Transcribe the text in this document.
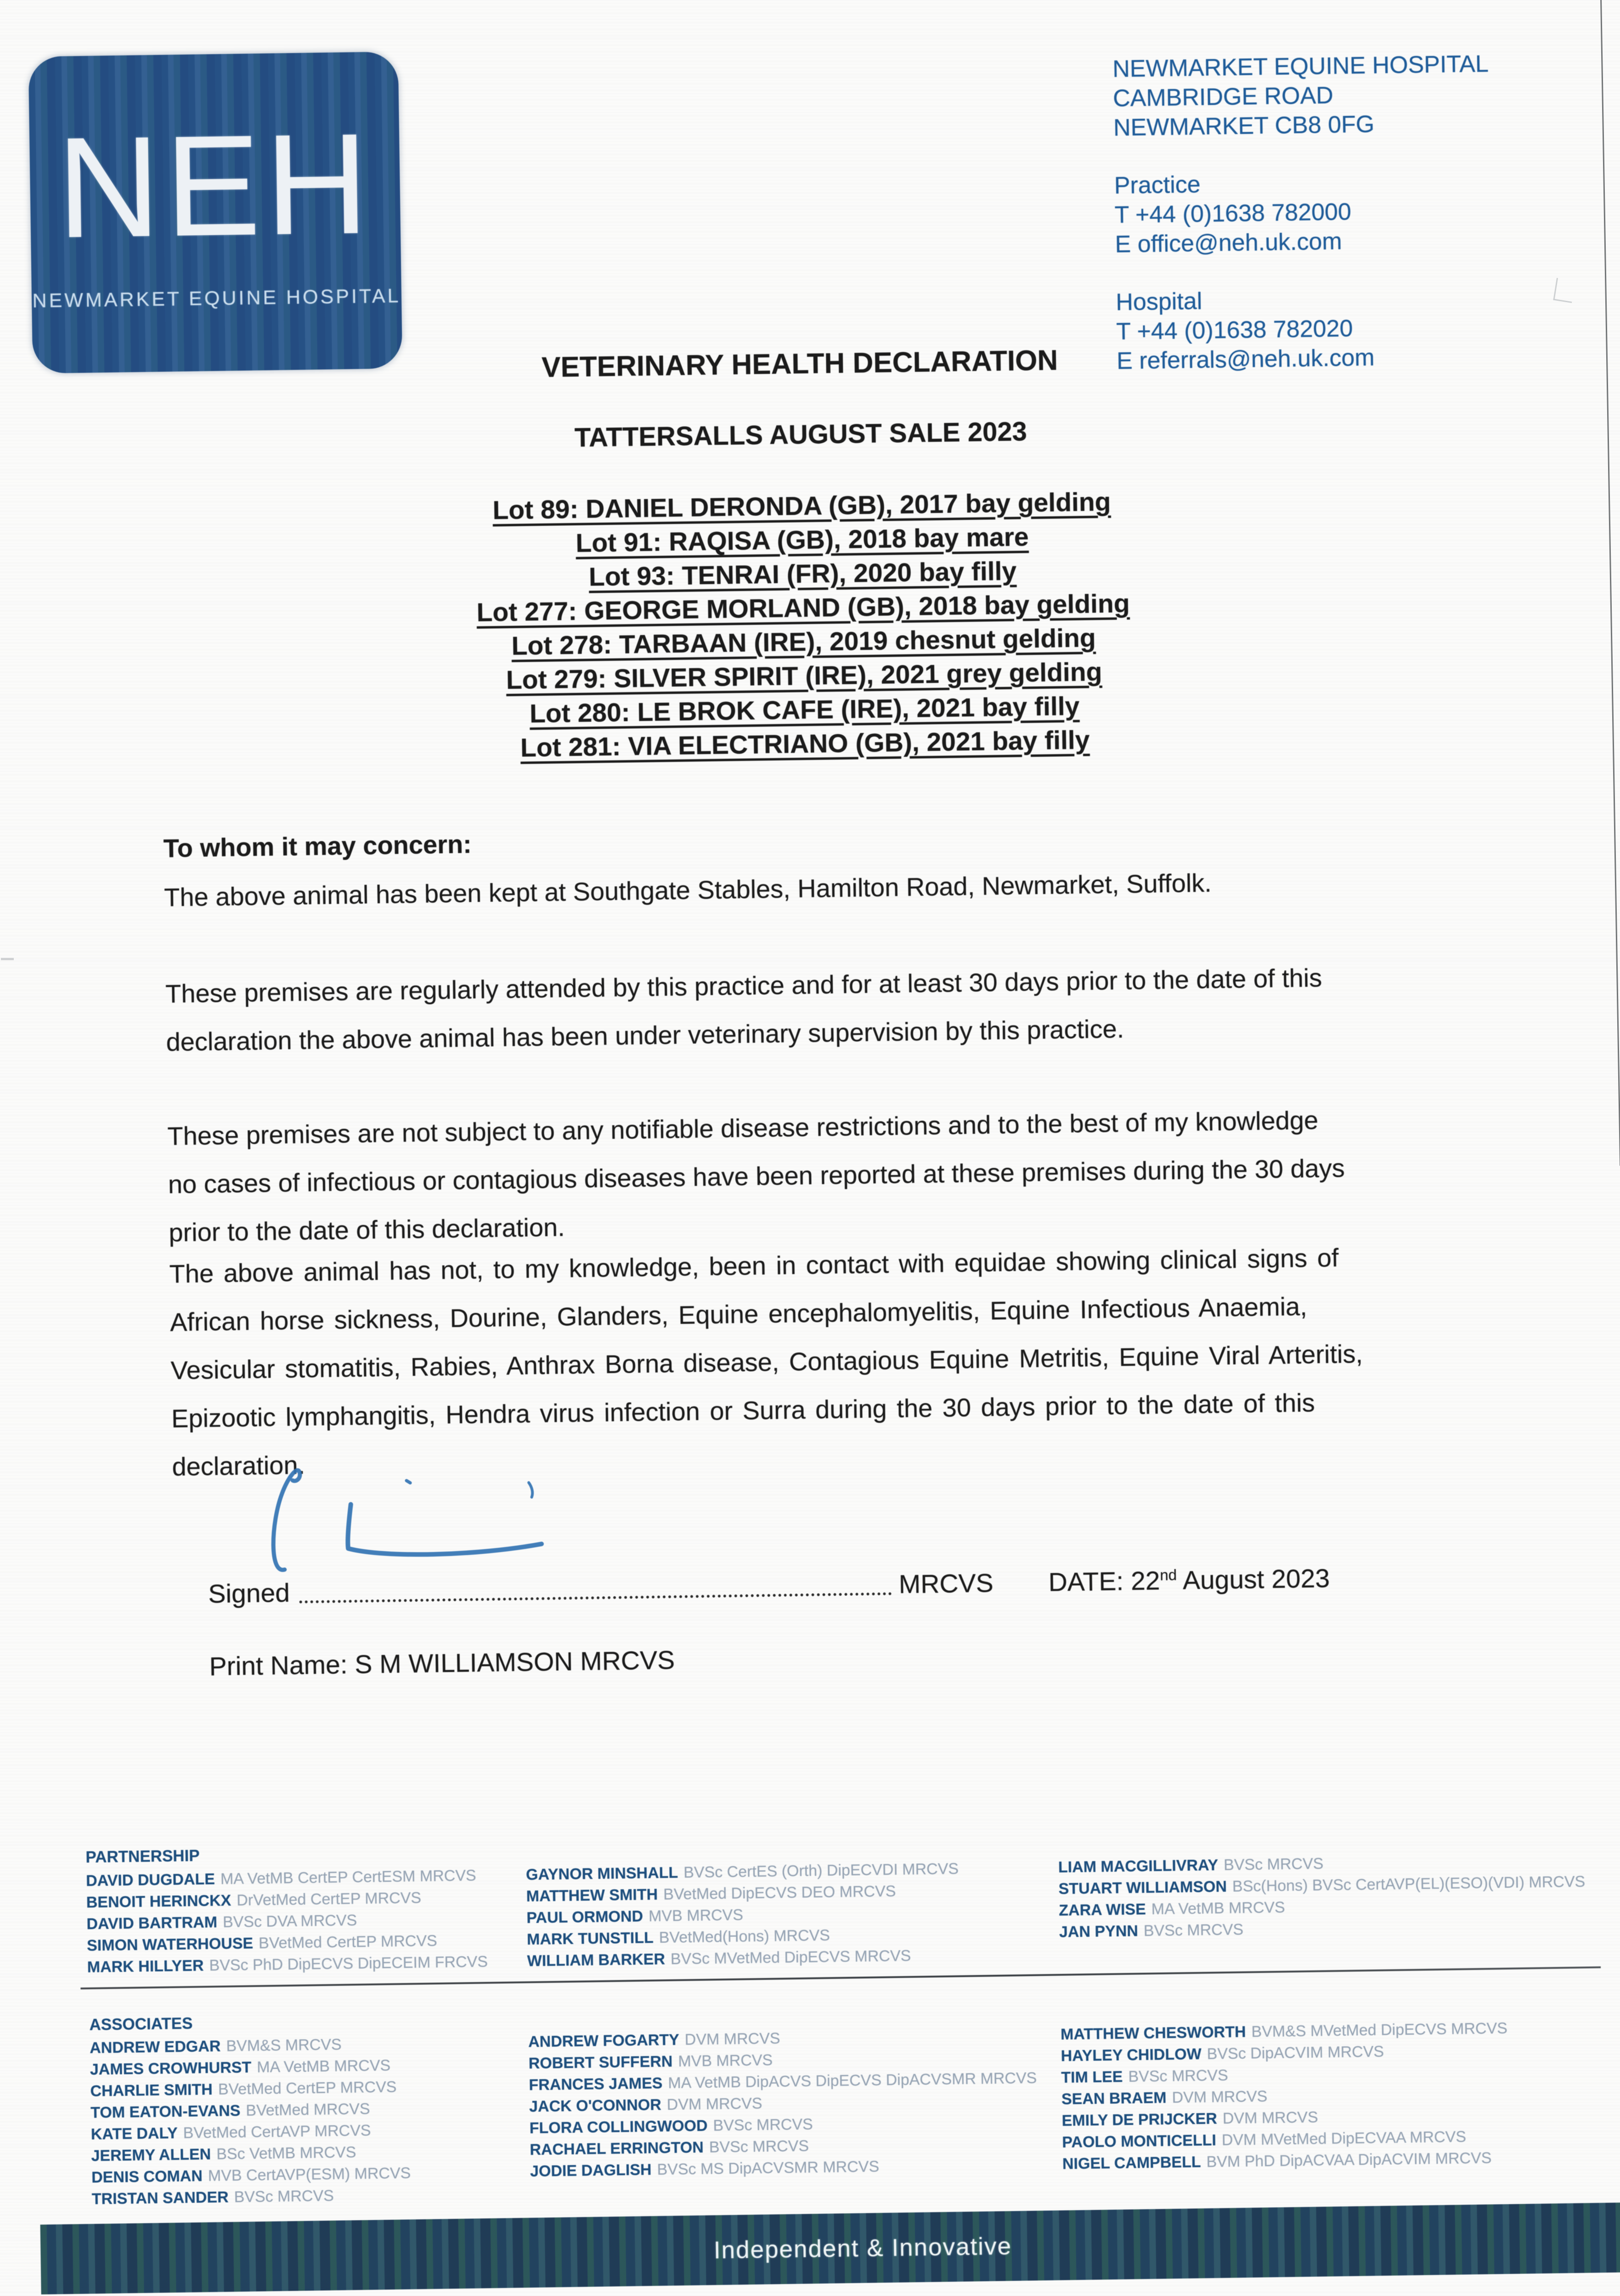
NEH
NEWMARKET EQUINE HOSPITAL
NEWMARKET EQUINE HOSPITAL
CAMBRIDGE ROAD
NEWMARKET CB8 0FG
Practice
T +44 (0)1638 782000
E office@neh.uk.com
Hospital
T +44 (0)1638 782020
E referrals@neh.uk.com
VETERINARY HEALTH DECLARATION
TATTERSALLS AUGUST SALE 2023
Lot 89: DANIEL DERONDA (GB), 2017 bay gelding
Lot 91: RAQISA (GB), 2018 bay mare
Lot 93: TENRAI (FR), 2020 bay filly
Lot 277: GEORGE MORLAND (GB), 2018 bay gelding
Lot 278: TARBAAN (IRE), 2019 chesnut gelding
Lot 279: SILVER SPIRIT (IRE), 2021 grey gelding
Lot 280: LE BROK CAFE (IRE), 2021 bay filly
Lot 281: VIA ELECTRIANO (GB), 2021 bay filly
To whom it may concern:
The above animal has been kept at Southgate Stables, Hamilton Road, Newmarket, Suffolk.
These premises are regularly attended by this practice and for at least 30 days prior to the date of this
declaration the above animal has been under veterinary supervision by this practice.
These premises are not subject to any notifiable disease restrictions and to the best of my knowledge
no cases of infectious or contagious diseases have been reported at these premises during the 30 days
prior to the date of this declaration.
The above animal has not, to my knowledge, been in contact with equidae showing clinical signs of
African horse sickness, Dourine, Glanders, Equine encephalomyelitis, Equine Infectious Anaemia,
Vesicular stomatitis, Rabies, Anthrax Borna disease, Contagious Equine Metritis, Equine Viral Arteritis,
Epizootic lymphangitis, Hendra virus infection or Surra during the 30 days prior to the date of this
declaration.
Signed	MRCVS DATE: 22nd August 2023
Print Name: S M WILLIAMSON MRCVS
PARTNERSHIP
DAVID DUGDALE MA VetMB CertEP CertESM MRCVS
BENOIT HERINCKX DrVetMed CertEP MRCVS
DAVID BARTRAM BVSc DVA MRCVS
SIMON WATERHOUSE BVetMed CertEP MRCVS
MARK HILLYER BVSc PhD DipECVS DipECEIM FRCVS
GAYNOR MINSHALL BVSc CertES (Orth) DipECVDI MRCVS
MATTHEW SMITH BVetMed DipECVS DEO MRCVS
PAUL ORMOND MVB MRCVS
MARK TUNSTILL BVetMed(Hons) MRCVS
WILLIAM BARKER BVSc MVetMed DipECVS MRCVS
LIAM MACGILLIVRAY BVSc MRCVS
STUART WILLIAMSON BSc(Hons) BVSc CertAVP(EL)(ESO)(VDI) MRCVS
ZARA WISE MA VetMB MRCVS
JAN PYNN BVSc MRCVS
ASSOCIATES
ANDREW EDGAR BVM&S MRCVS
JAMES CROWHURST MA VetMB MRCVS
CHARLIE SMITH BVetMed CertEP MRCVS
TOM EATON-EVANS BVetMed MRCVS
KATE DALY BVetMed CertAVP MRCVS
JEREMY ALLEN BSc VetMB MRCVS
DENIS COMAN MVB CertAVP(ESM) MRCVS
TRISTAN SANDER BVSc MRCVS
ANDREW FOGARTY DVM MRCVS
ROBERT SUFFERN MVB MRCVS
FRANCES JAMES MA VetMB DipACVS DipECVS DipACVSMR MRCVS
JACK O'CONNOR DVM MRCVS
FLORA COLLINGWOOD BVSc MRCVS
RACHAEL ERRINGTON BVSc MRCVS
JODIE DAGLISH BVSc MS DipACVSMR MRCVS
MATTHEW CHESWORTH BVM&S MVetMed DipECVS MRCVS
HAYLEY CHIDLOW BVSc DipACVIM MRCVS
TIM LEE BVSc MRCVS
SEAN BRAEM DVM MRCVS
EMILY DE PRIJCKER DVM MRCVS
PAOLO MONTICELLI DVM MVetMed DipECVAA MRCVS
NIGEL CAMPBELL BVM PhD DipACVAA DipACVIM MRCVS
Independent & Innovative
